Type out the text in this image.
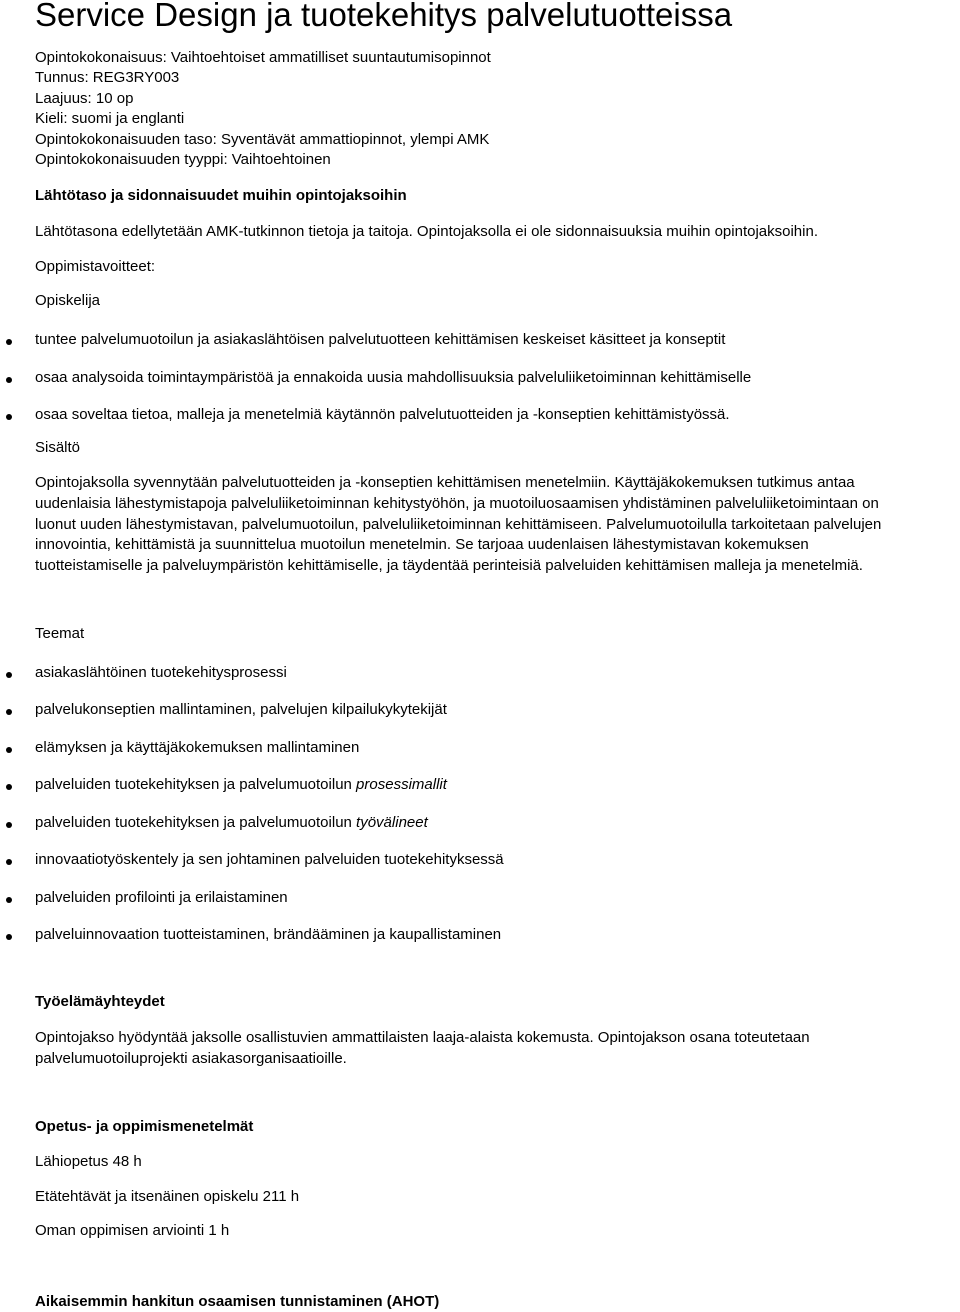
Service Design ja tuotekehitys palvelutuotteissa
Opintokokonaisuus: Vaihtoehtoiset ammatilliset suuntautumisopinnot
Tunnus: REG3RY003
Laajuus: 10 op
Kieli: suomi ja englanti
Opintokokonaisuuden taso: Syventävät ammattiopinnot, ylempi AMK
Opintokokonaisuuden tyyppi: Vaihtoehtoinen
Lähtötaso ja sidonnaisuudet muihin opintojaksoihin
Lähtötasona edellytetään AMK-tutkinnon tietoja ja taitoja. Opintojaksolla ei ole sidonnaisuuksia muihin opintojaksoihin.
Oppimistavoitteet:
Opiskelija
tuntee palvelumuotoilun ja asiakaslähtöisen palvelutuotteen kehittämisen keskeiset käsitteet ja konseptit
osaa analysoida toimintaympäristöä ja ennakoida uusia mahdollisuuksia palveluliiketoiminnan kehittämiselle
osaa soveltaa tietoa, malleja ja menetelmiä käytännön palvelutuotteiden ja -konseptien kehittämistyössä.
Sisältö
Opintojaksolla syvennytään palvelutuotteiden ja -konseptien kehittämisen menetelmiin. Käyttäjäkokemuksen tutkimus antaa
uudenlaisia lähestymistapoja palveluliiketoiminnan kehitystyöhön, ja muotoiluosaamisen yhdistäminen palveluliiketoimintaan on
luonut uuden lähestymistavan, palvelumuotoilun, palveluliiketoiminnan kehittämiseen. Palvelumuotoilulla tarkoitetaan palvelujen
innovointia, kehittämistä ja suunnittelua muotoilun menetelmin. Se tarjoaa uudenlaisen lähestymistavan kokemuksen
tuotteistamiselle ja palveluympäristön kehittämiselle, ja täydentää perinteisiä palveluiden kehittämisen malleja ja menetelmiä.
Teemat
asiakaslähtöinen tuotekehitysprosessi
palvelukonseptien mallintaminen, palvelujen kilpailukykytekijät
elämyksen ja käyttäjäkokemuksen mallintaminen
palveluiden tuotekehityksen ja palvelumuotoilun prosessimallit
palveluiden tuotekehityksen ja palvelumuotoilun työvälineet
innovaatiotyöskentely ja sen johtaminen palveluiden tuotekehityksessä
palveluiden profilointi ja erilaistaminen
palveluinnovaation tuotteistaminen, brändääminen ja kaupallistaminen
Työelämäyhteydet
Opintojakso hyödyntää jaksolle osallistuvien ammattilaisten laaja-alaista kokemusta. Opintojakson osana toteutetaan
palvelumuotoiluprojekti asiakasorganisaatioille.
Opetus- ja oppimismenetelmät
Lähiopetus 48 h
Etätehtävät ja itsenäinen opiskelu 211 h
Oman oppimisen arviointi 1 h
Aikaisemmin hankitun osaamisen tunnistaminen (AHOT)
